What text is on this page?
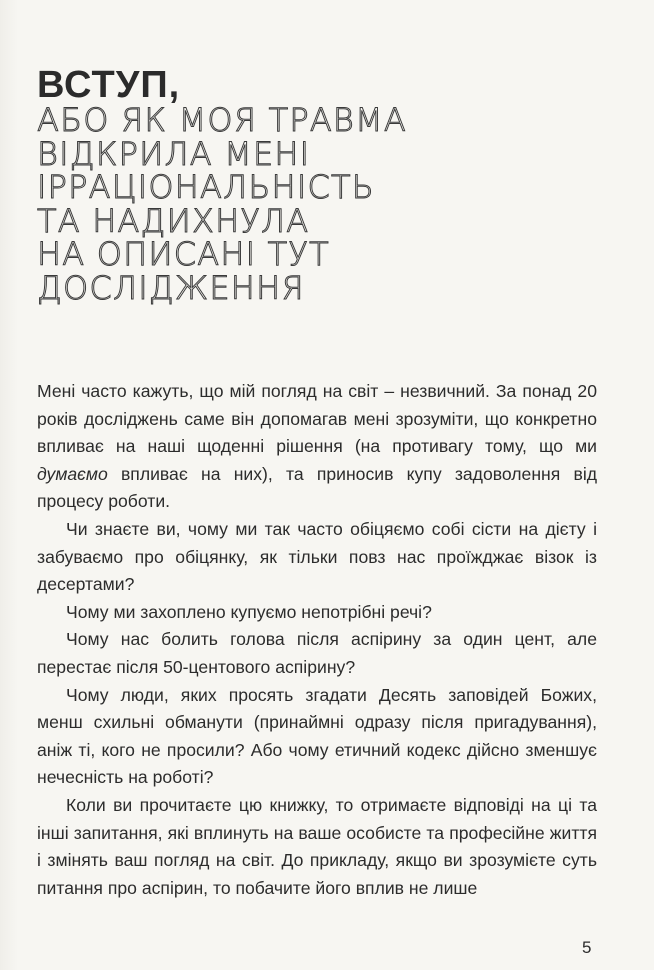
ВСТУП,
АБО ЯК МОЯ ТРАВМА
ВІДКРИЛА МЕНІ
ІРРАЦІОНАЛЬНІСТЬ
ТА НАДИХНУЛА
НА ОПИСАНІ ТУТ
ДОСЛІДЖЕННЯ

Мені часто кажуть, що мій погляд на світ – незвичний. За понад 20 років досліджень саме він допомагав мені зрозуміти, що конкретно впливає на наші щоденні рішення (на противагу тому, що ми думаємо впливає на них), та приносив купу задоволення від процесу роботи.

Чи знаєте ви, чому ми так часто обіцяємо собі сісти на дієту і забуваємо про обіцянку, як тільки повз нас проїжджає візок із десертами?

Чому ми захоплено купуємо непотрібні речі?

Чому нас болить голова після аспірину за один цент, але перестає після 50-центового аспірину?

Чому люди, яких просять згадати Десять заповідей Божих, менш схильні обманути (принаймні одразу після пригадування), аніж ті, кого не просили? Або чому етичний кодекс дійсно зменшує нечесність на роботі?

Коли ви прочитаєте цю книжку, то отримаєте відповіді на ці та інші запитання, які вплинуть на ваше особисте та професійне життя і змінять ваш погляд на світ. До прикладу, якщо ви зрозумієте суть питання про аспірин, то побачите його вплив не лише

5
